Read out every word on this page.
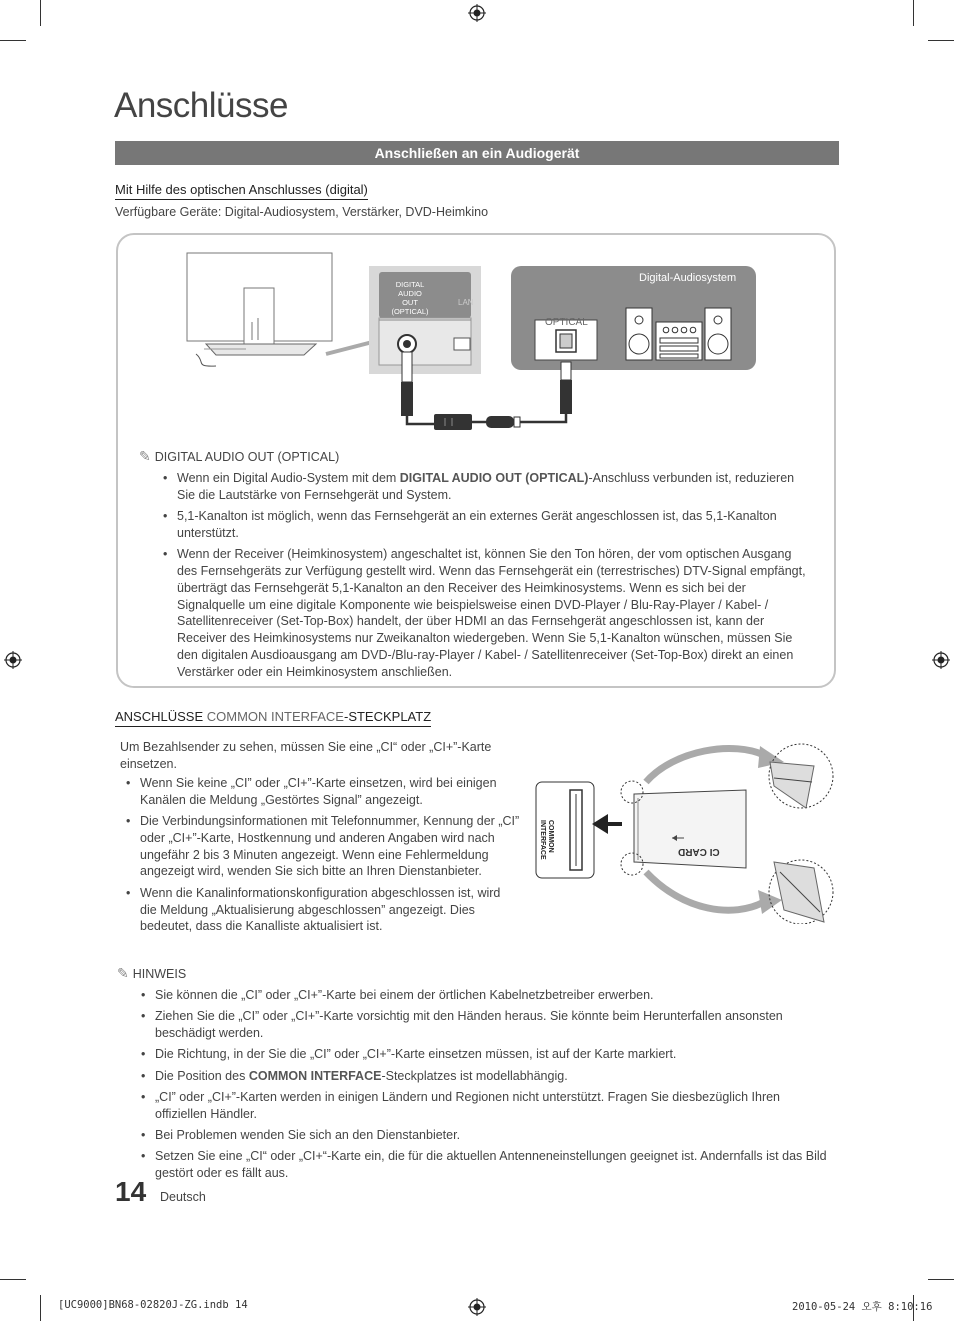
Anschlüsse
Anschließen an ein Audiogerät
Mit Hilfe des optischen Anschlusses (digital)
Verfügbare Geräte: Digital-Audiosystem, Verstärker, DVD-Heimkino
DIGITAL
AUDIO OUT
(OPTICAL)
LAN
Digital-Audiosystem
OPTICAL
✎ DIGITAL AUDIO OUT (OPTICAL)
• Wenn ein Digital Audio-System mit dem DIGITAL AUDIO OUT (OPTICAL)-Anschluss verbunden ist, reduzieren Sie die Lautstärke von Fernsehgerät und System.
• 5,1-Kanalton ist möglich, wenn das Fernsehgerät an ein externes Gerät angeschlossen ist, das 5,1-Kanalton unterstützt.
• Wenn der Receiver (Heimkinosystem) angeschaltet ist, können Sie den Ton hören, der vom optischen Ausgang des Fernsehgeräts zur Verfügung gestellt wird. Wenn das Fernsehgerät ein (terrestrisches) DTV-Signal empfängt, überträgt das Fernsehgerät 5,1-Kanalton an den Receiver des Heimkinosystems. Wenn es sich bei der Signalquelle um eine digitale Komponente wie beispielsweise einen DVD-Player / Blu-Ray-Player / Kabel- / Satellitenreceiver (Set-Top-Box) handelt, der über HDMI an das Fernsehgerät angeschlossen ist, kann der Receiver des Heimkinosystems nur Zweikanalton wiedergeben. Wenn Sie 5,1-Kanalton wünschen, müssen Sie den digitalen Ausdioausgang am DVD-/Blu-ray-Player / Kabel- / Satellitenreceiver (Set-Top-Box) direkt an einen Verstärker oder ein Heimkinosystem anschließen.
ANSCHLÜSSE COMMON INTERFACE-STECKPLATZ
Um Bezahlsender zu sehen, müssen Sie eine „CI“ oder „CI+”-Karte einsetzen.
• Wenn Sie keine „CI” oder „CI+”-Karte einsetzen, wird bei einigen Kanälen die Meldung „Gestörtes Signal” angezeigt.
• Die Verbindungsinformationen mit Telefonnummer, Kennung der „CI” oder „CI+”-Karte, Hostkennung und anderen Angaben wird nach ungefähr 2 bis 3 Minuten angezeigt. Wenn eine Fehlermeldung angezeigt wird, wenden Sie sich bitte an Ihren Dienstanbieter.
• Wenn die Kanalinformationskonfiguration abgeschlossen ist, wird die Meldung „Aktualisierung abgeschlossen” angezeigt. Dies bedeutet, dass die Kanalliste aktualisiert ist.
COMMON
INTERFACE	CI CARD
✎ HINWEIS
• Sie können die „CI” oder „CI+”-Karte bei einem der örtlichen Kabelnetzbetreiber erwerben.
• Ziehen Sie die „CI” oder „CI+”-Karte vorsichtig mit den Händen heraus. Sie könnte beim Herunterfallen ansonsten beschädigt werden.
• Die Richtung, in der Sie die „CI” oder „CI+”-Karte einsetzen müssen, ist auf der Karte markiert.
• Die Position des COMMON INTERFACE-Steckplatzes ist modellabhängig.
• „CI” oder „CI+”-Karten werden in einigen Ländern und Regionen nicht unterstützt. Fragen Sie diesbezüglich Ihren offiziellen Händler.
• Bei Problemen wenden Sie sich an den Dienstanbieter.
• Setzen Sie eine „CI“ oder „CI+“-Karte ein, die für die aktuellen Antenneneinstellungen geeignet ist. Andernfalls ist das Bild gestört oder es fällt aus.
14 Deutsch
[UC9000]BN68-02820J-ZG.indb 14	2010-05-24 오후 8:10:16
